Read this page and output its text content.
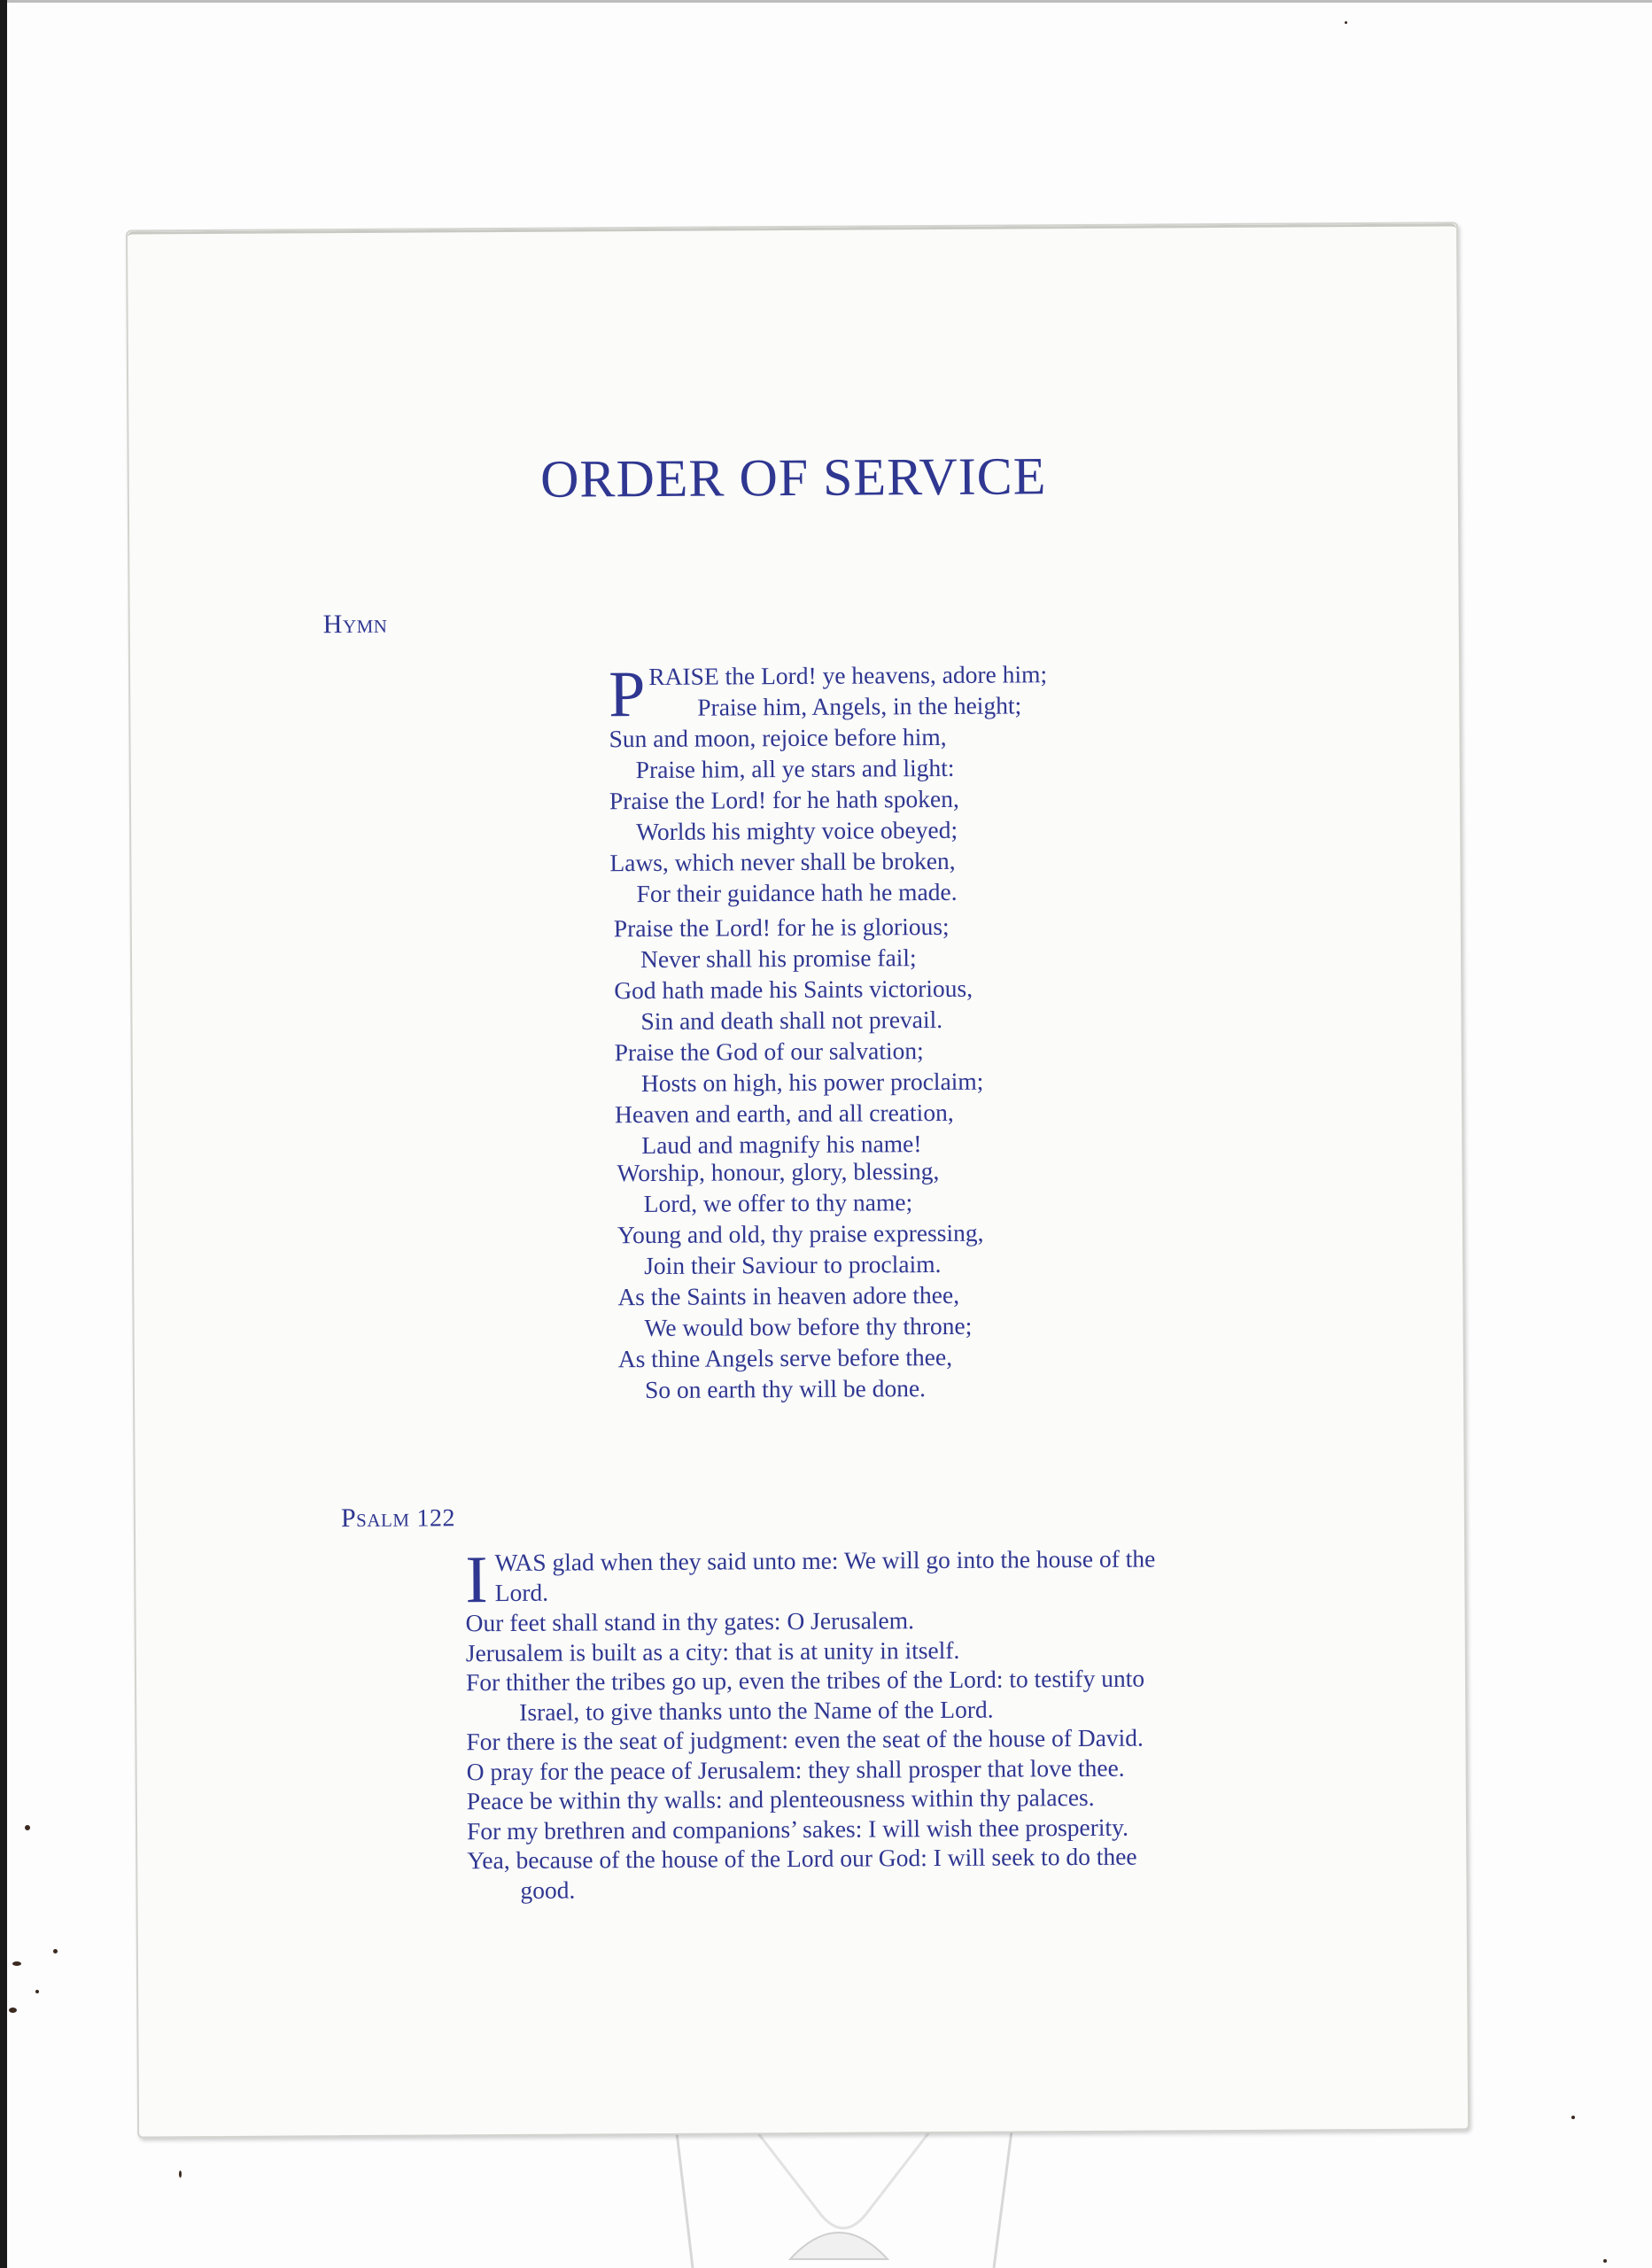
ORDER OF SERVICE
Hymn
P RAISE the Lord! ye heavens, adore him;
Praise him, Angels, in the height;
Sun and moon, rejoice before him,
Praise him, all ye stars and light:
Praise the Lord! for he hath spoken,
Worlds his mighty voice obeyed;
Laws, which never shall be broken,
For their guidance hath he made.
Praise the Lord! for he is glorious;
Never shall his promise fail;
God hath made his Saints victorious,
Sin and death shall not prevail.
Praise the God of our salvation;
Hosts on high, his power proclaim;
Heaven and earth, and all creation,
Laud and magnify his name!
Worship, honour, glory, blessing,
Lord, we offer to thy name;
Young and old, thy praise expressing,
Join their Saviour to proclaim.
As the Saints in heaven adore thee,
We would bow before thy throne;
As thine Angels serve before thee,
So on earth thy will be done.
Psalm 122
I WAS glad when they said unto me: We will go into the house of the
Lord.
Our feet shall stand in thy gates: O Jerusalem.
Jerusalem is built as a city: that is at unity in itself.
For thither the tribes go up, even the tribes of the Lord: to testify unto
Israel, to give thanks unto the Name of the Lord.
For there is the seat of judgment: even the seat of the house of David.
O pray for the peace of Jerusalem: they shall prosper that love thee.
Peace be within thy walls: and plenteousness within thy palaces.
For my brethren and companions’ sakes: I will wish thee prosperity.
Yea, because of the house of the Lord our God: I will seek to do thee
good.
